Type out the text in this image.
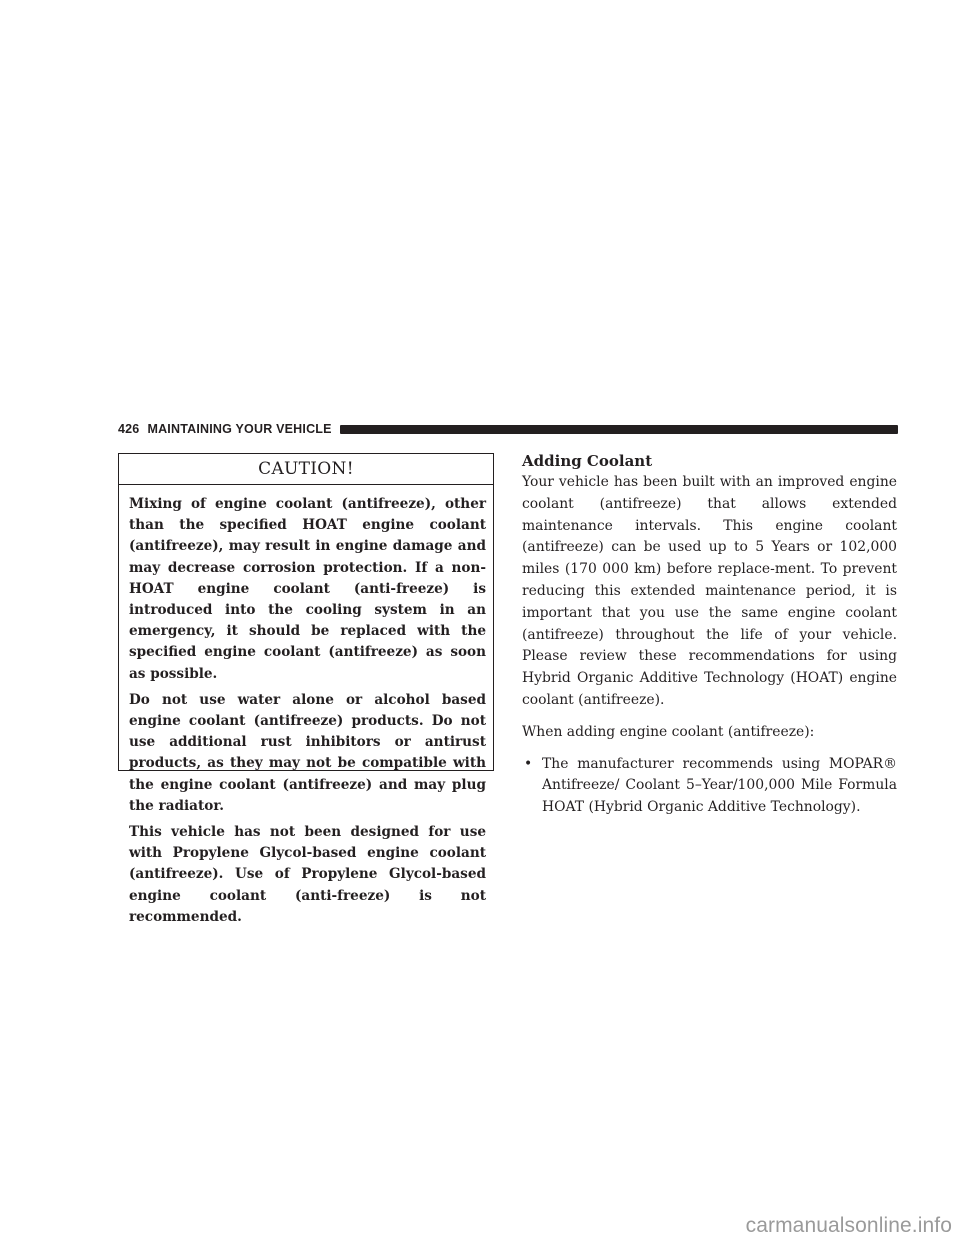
426 MAINTAINING YOUR VEHICLE
CAUTION!

Mixing of engine coolant (antifreeze), other than the specified HOAT engine coolant (antifreeze), may result in engine damage and may decrease corrosion protection. If a non-HOAT engine coolant (anti-freeze) is introduced into the cooling system in an emergency, it should be replaced with the specified engine coolant (antifreeze) as soon as possible.

Do not use water alone or alcohol based engine coolant (antifreeze) products. Do not use additional rust inhibitors or antirust products, as they may not be compatible with the engine coolant (antifreeze) and may plug the radiator.

This vehicle has not been designed for use with Propylene Glycol-based engine coolant (antifreeze). Use of Propylene Glycol-based engine coolant (anti-freeze) is not recommended.

Adding Coolant

Your vehicle has been built with an improved engine coolant (antifreeze) that allows extended maintenance intervals. This engine coolant (antifreeze) can be used up to 5 Years or 102,000 miles (170 000 km) before replace-ment. To prevent reducing this extended maintenance period, it is important that you use the same engine coolant (antifreeze) throughout the life of your vehicle. Please review these recommendations for using Hybrid Organic Additive Technology (HOAT) engine coolant (antifreeze).

When adding engine coolant (antifreeze):

• The manufacturer recommends using MOPAR® Antifreeze/ Coolant 5–Year/100,000 Mile Formula HOAT (Hybrid Organic Additive Technology).
carmanualsonline.info
